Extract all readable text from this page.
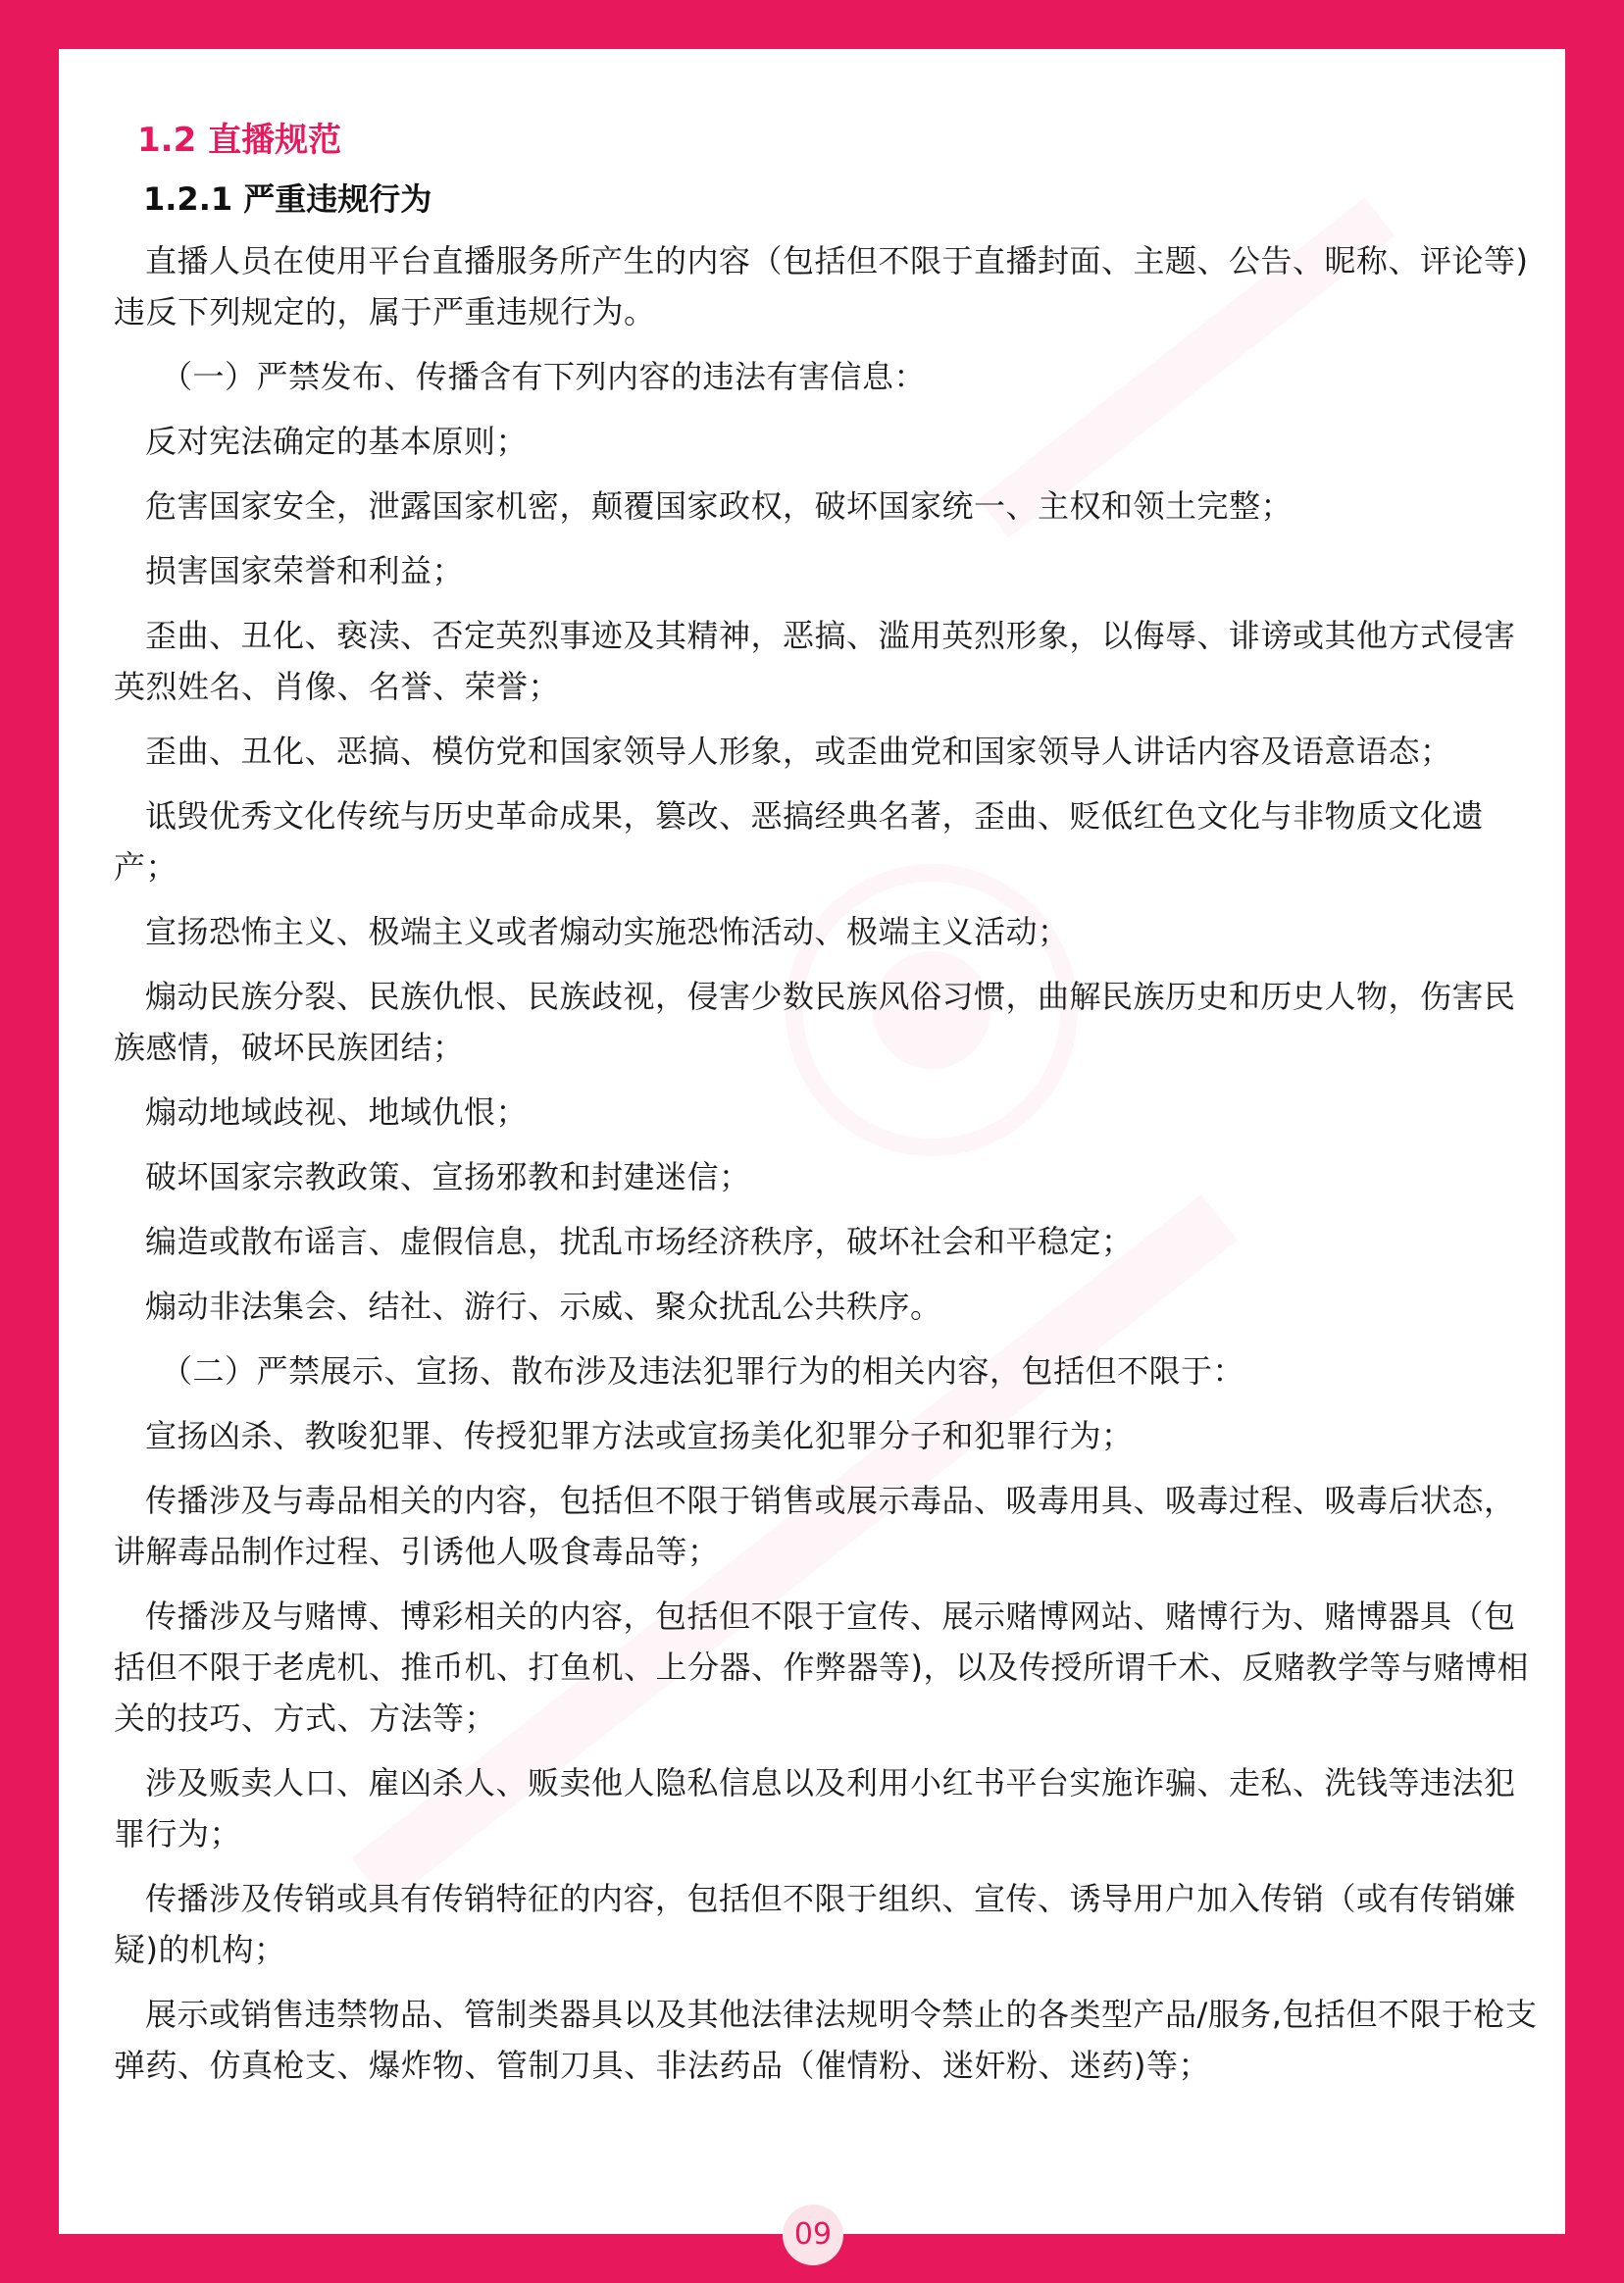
1.2 直播规范
1.2.1 严重违规行为

直播人员在使用平台直播服务所产生的内容（包括但不限于直播封面、主题、公告、昵称、评论等)违反下列规定的，属于严重违规行为。

（一）严禁发布、传播含有下列内容的违法有害信息：

反对宪法确定的基本原则；

危害国家安全，泄露国家机密，颠覆国家政权，破坏国家统一、主权和领土完整；

损害国家荣誉和利益；

歪曲、丑化、亵渎、否定英烈事迹及其精神，恶搞、滥用英烈形象，以侮辱、诽谤或其他方式侵害英烈姓名、肖像、名誉、荣誉；

歪曲、丑化、恶搞、模仿党和国家领导人形象，或歪曲党和国家领导人讲话内容及语意语态；

诋毁优秀文化传统与历史革命成果，篡改、恶搞经典名著，歪曲、贬低红色文化与非物质文化遗产；

宣扬恐怖主义、极端主义或者煽动实施恐怖活动、极端主义活动；

煽动民族分裂、民族仇恨、民族歧视，侵害少数民族风俗习惯，曲解民族历史和历史人物，伤害民族感情，破坏民族团结；

煽动地域歧视、地域仇恨；

破坏国家宗教政策、宣扬邪教和封建迷信；

编造或散布谣言、虚假信息，扰乱市场经济秩序，破坏社会和平稳定；

煽动非法集会、结社、游行、示威、聚众扰乱公共秩序。

（二）严禁展示、宣扬、散布涉及违法犯罪行为的相关内容，包括但不限于：

宣扬凶杀、教唆犯罪、传授犯罪方法或宣扬美化犯罪分子和犯罪行为；

传播涉及与毒品相关的内容，包括但不限于销售或展示毒品、吸毒用具、吸毒过程、吸毒后状态，讲解毒品制作过程、引诱他人吸食毒品等；

传播涉及与赌博、博彩相关的内容，包括但不限于宣传、展示赌博网站、赌博行为、赌博器具（包括但不限于老虎机、推币机、打鱼机、上分器、作弊器等)，以及传授所谓千术、反赌教学等与赌博相关的技巧、方式、方法等；

涉及贩卖人口、雇凶杀人、贩卖他人隐私信息以及利用小红书平台实施诈骗、走私、洗钱等违法犯罪行为；

传播涉及传销或具有传销特征的内容，包括但不限于组织、宣传、诱导用户加入传销（或有传销嫌疑)的机构；

展示或销售违禁物品、管制类器具以及其他法律法规明令禁止的各类型产品/服务,包括但不限于枪支弹药、仿真枪支、爆炸物、管制刀具、非法药品（催情粉、迷奸粉、迷药)等；

09
